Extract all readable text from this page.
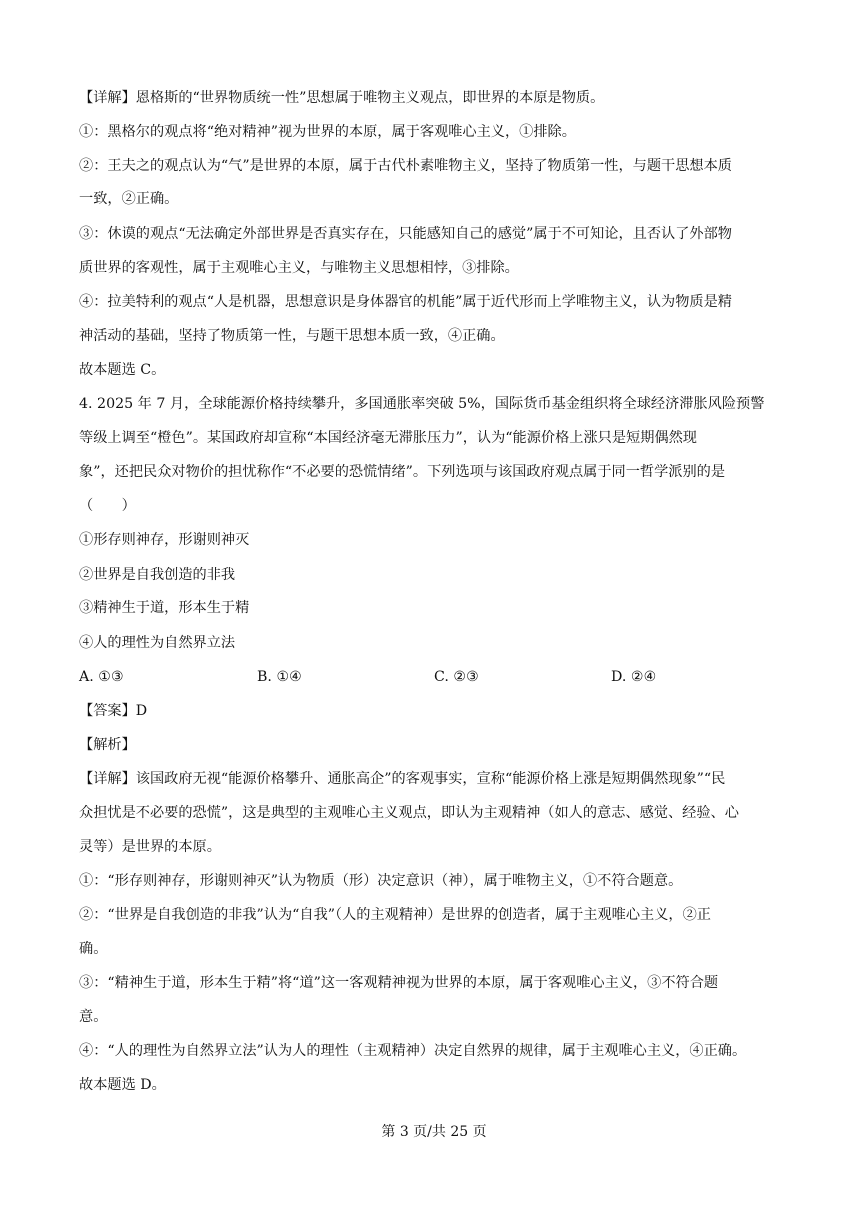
【详解】恩格斯的“世界物质统一性”思想属于唯物主义观点，即世界的本原是物质。
①：黑格尔的观点将“绝对精神”视为世界的本原，属于客观唯心主义，①排除。
②：王夫之的观点认为“气”是世界的本原，属于古代朴素唯物主义，坚持了物质第一性，与题干思想本质
一致，②正确。
③：休谟的观点“无法确定外部世界是否真实存在，只能感知自己的感觉”属于不可知论，且否认了外部物
质世界的客观性，属于主观唯心主义，与唯物主义思想相悖，③排除。
④：拉美特利的观点“人是机器，思想意识是身体器官的机能”属于近代形而上学唯物主义，认为物质是精
神活动的基础，坚持了物质第一性，与题干思想本质一致，④正确。
故本题选 C。
4. 2025 年 7 月，全球能源价格持续攀升，多国通胀率突破 5%，国际货币基金组织将全球经济滞胀风险预警
等级上调至“橙色”。某国政府却宣称“本国经济毫无滞胀压力”，认为“能源价格上涨只是短期偶然现
象”，还把民众对物价的担忧称作“不必要的恐慌情绪”。下列选项与该国政府观点属于同一哲学派别的是
（　　）
①形存则神存，形谢则神灭
②世界是自我创造的非我
③精神生于道，形本生于精
④人的理性为自然界立法
A. ①③	B. ①④	C. ②③	D. ②④
【答案】D
【解析】
【详解】该国政府无视“能源价格攀升、通胀高企”的客观事实，宣称“能源价格上涨是短期偶然现象”“民
众担忧是不必要的恐慌”，这是典型的主观唯心主义观点，即认为主观精神（如人的意志、感觉、经验、心
灵等）是世界的本原。
①：“形存则神存，形谢则神灭”认为物质（形）决定意识（神），属于唯物主义，①不符合题意。
②：“世界是自我创造的非我”认为“自我”（人的主观精神）是世界的创造者，属于主观唯心主义，②正
确。
③：“精神生于道，形本生于精”将“道”这一客观精神视为世界的本原，属于客观唯心主义，③不符合题
意。
④：“人的理性为自然界立法”认为人的理性（主观精神）决定自然界的规律，属于主观唯心主义，④正确。
故本题选 D。
第 3 页/共 25 页
